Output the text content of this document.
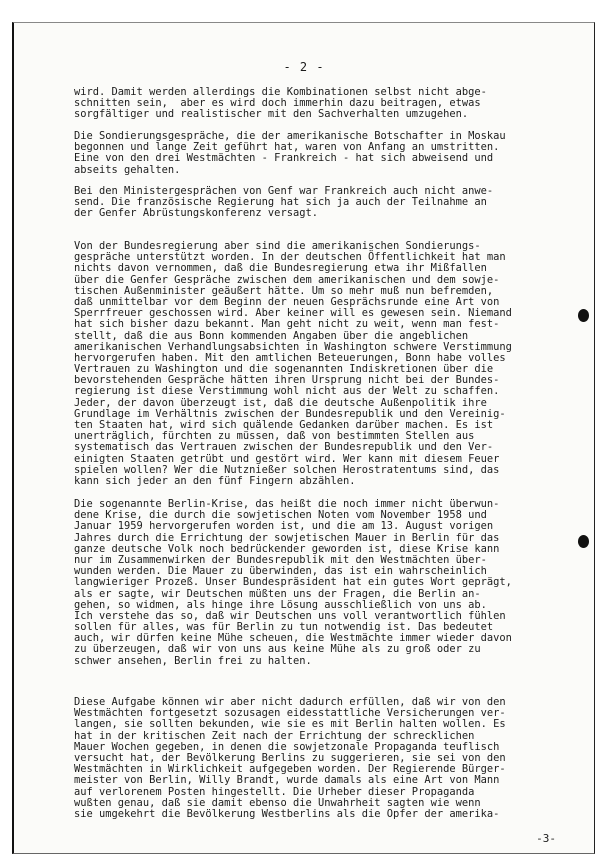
- 2 -
wird. Damit werden allerdings die Kombinationen selbst nicht abge-
schnitten sein,  aber es wird doch immerhin dazu beitragen, etwas
sorgfältiger und realistischer mit den Sachverhalten umzugehen.
Die Sondierungsgespräche, die der amerikanische Botschafter in Moskau
begonnen und lange Zeit geführt hat, waren von Anfang an umstritten.
Eine von den drei Westmächten - Frankreich - hat sich abweisend und
abseits gehalten.
Bei den Ministergesprächen von Genf war Frankreich auch nicht anwe-
send. Die französische Regierung hat sich ja auch der Teilnahme an
der Genfer Abrüstungskonferenz versagt.
Von der Bundesregierung aber sind die amerikanischen Sondierungs-
gespräche unterstützt worden. In der deutschen Öffentlichkeit hat man
nichts davon vernommen, daß die Bundesregierung etwa ihr Mißfallen
über die Genfer Gespräche zwischen dem amerikanischen und dem sowje-
tischen Außenminister geäußert hätte. Um so mehr muß nun befremden,
daß unmittelbar vor dem Beginn der neuen Gesprächsrunde eine Art von
Sperrfreuer geschossen wird. Aber keiner will es gewesen sein. Niemand
hat sich bisher dazu bekannt. Man geht nicht zu weit, wenn man fest-
stellt, daß die aus Bonn kommenden Angaben über die angeblichen
amerikanischen Verhandlungsabsichten in Washington schwere Verstimmung
hervorgerufen haben. Mit den amtlichen Beteuerungen, Bonn habe volles
Vertrauen zu Washington und die sogenannten Indiskretionen über die
bevorstehenden Gespräche hätten ihren Ursprung nicht bei der Bundes-
regierung ist diese Verstimmung wohl nicht aus der Welt zu schaffen.
Jeder, der davon überzeugt ist, daß die deutsche Außenpolitik ihre
Grundlage im Verhältnis zwischen der Bundesrepublik und den Vereinig-
ten Staaten hat, wird sich quälende Gedanken darüber machen. Es ist
unerträglich, fürchten zu müssen, daß von bestimmten Stellen aus
systematisch das Vertrauen zwischen der Bundesrepublik und den Ver-
einigten Staaten getrübt und gestört wird. Wer kann mit diesem Feuer
spielen wollen? Wer die Nutznießer solchen Herostratentums sind, das
kann sich jeder an den fünf Fingern abzählen.
Die sogenannte Berlin-Krise, das heißt die noch immer nicht überwun-
dene Krise, die durch die sowjetischen Noten vom November 1958 und
Januar 1959 hervorgerufen worden ist, und die am 13. August vorigen
Jahres durch die Errichtung der sowjetischen Mauer in Berlin für das
ganze deutsche Volk noch bedrückender geworden ist, diese Krise kann
nur im Zusammenwirken der Bundesrepublik mit den Westmächten über-
wunden werden. Die Mauer zu überwinden, das ist ein wahrscheinlich
langwieriger Prozeß. Unser Bundespräsident hat ein gutes Wort geprägt,
als er sagte, wir Deutschen müßten uns der Fragen, die Berlin an-
gehen, so widmen, als hinge ihre Lösung ausschließlich von uns ab.
Ich verstehe das so, daß wir Deutschen uns voll verantwortlich fühlen
sollen für alles, was für Berlin zu tun notwendig ist. Das bedeutet
auch, wir dürfen keine Mühe scheuen, die Westmächte immer wieder davon
zu überzeugen, daß wir von uns aus keine Mühe als zu groß oder zu
schwer ansehen, Berlin frei zu halten.
Diese Aufgabe können wir aber nicht dadurch erfüllen, daß wir von den
Westmächten fortgesetzt sozusagen eidesstattliche Versicherungen ver-
langen, sie sollten bekunden, wie sie es mit Berlin halten wollen. Es
hat in der kritischen Zeit nach der Errichtung der schrecklichen
Mauer Wochen gegeben, in denen die sowjetzonale Propaganda teuflisch
versucht hat, der Bevölkerung Berlins zu suggerieren, sie sei von den
Westmächten in Wirklichkeit aufgegeben worden. Der Regierende Bürger-
meister von Berlin, Willy Brandt, wurde damals als eine Art von Mann
auf verlorenem Posten hingestellt. Die Urheber dieser Propaganda
wußten genau, daß sie damit ebenso die Unwahrheit sagten wie wenn
sie umgekehrt die Bevölkerung Westberlins als die Opfer der amerika-
-3-
